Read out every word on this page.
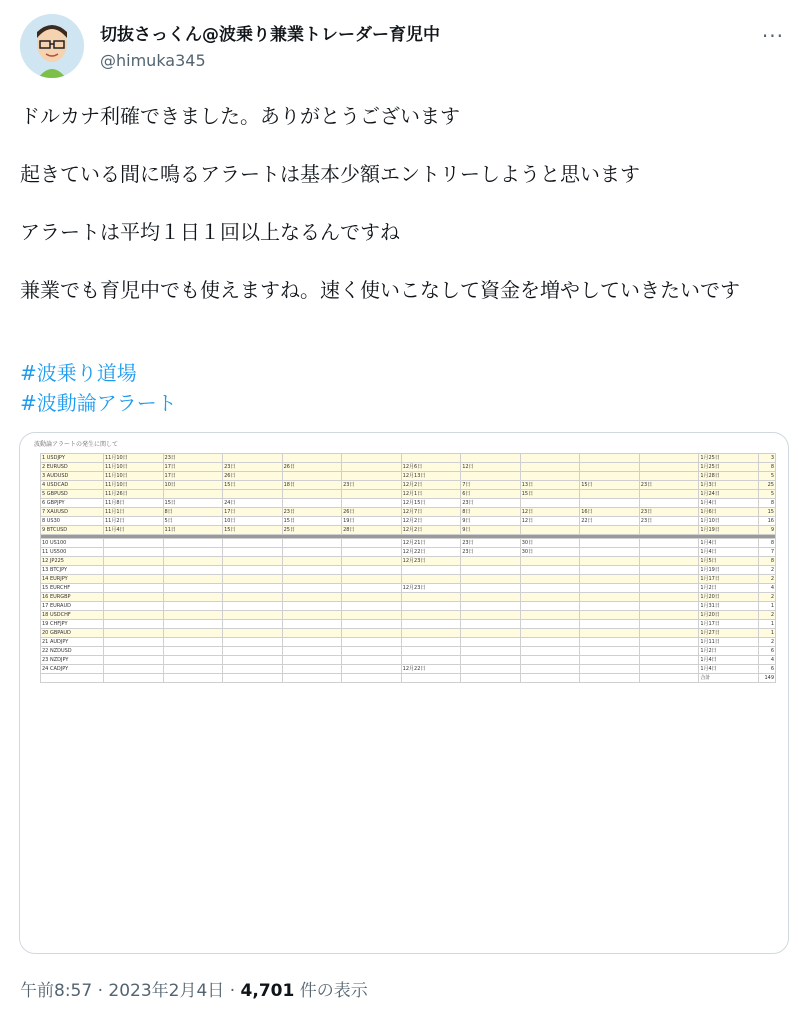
切抜さっくん@波乗り兼業トレーダー育児中
@himuka345
···

ドルカナ利確できました。ありがとうございます

起きている間に鳴るアラートは基本少額エントリーしようと思います

アラートは平均１日１回以上なるんですね

兼業でも育児中でも使えますね。速く使いこなして資金を増やしていきたいです

#波乗り道場
#波動論アラート
波動論アラートの発生に関して
1 USDJPY	11月10日	23日									1月25日	3
2 EURUSD	11月10日	17日	23日	26日		12月6日	12日				1月25日	8
3 AUDUSD	11月10日	17日	26日			12月13日					1月28日	5
4 USDCAD	11月10日	10日	15日	18日	23日	12月2日	7日	13日	15日	23日	1月3日	25
5 GBPUSD	11月26日					12月1日	6日	15日			1月24日	5
6 GBPJPY	11月8日	15日	24日			12月15日	23日				1月4日	8
7 XAUUSD	11月1日	8日	17日	23日	26日	12月7日	8日	12日	16日	23日	1月6日	15
8 US30	11月2日	5日	10日	15日	19日	12月2日	9日	12日	22日	23日	1月10日	16
9 BTCUSD	11月4日	11日	15日	25日	28日	12月2日	9日				1月19日	9

10 US100						12月21日	23日	30日			1月4日	8
11 US500						12月22日	23日	30日			1月4日	7
12 JP225						12月23日					1月5日	8
13 BTCJPY											1月19日	2
14 EURJPY											1月17日	2
15 EURCHF						12月23日					1月2日	4
16 EURGBP											1月20日	2
17 EURAUD											1月31日	1
18 USDCHF											1月20日	2
19 CHFJPY											1月17日	1
20 GBPAUD											1月27日	1
21 AUDJPY											1月11日	2
22 NZDUSD											1月2日	6
23 NZDJPY											1月4日	4
24 CADJPY						12月22日					1月4日	6
											合計	149
午前8:57 · 2023年2月4日 · 4,701 件の表示
